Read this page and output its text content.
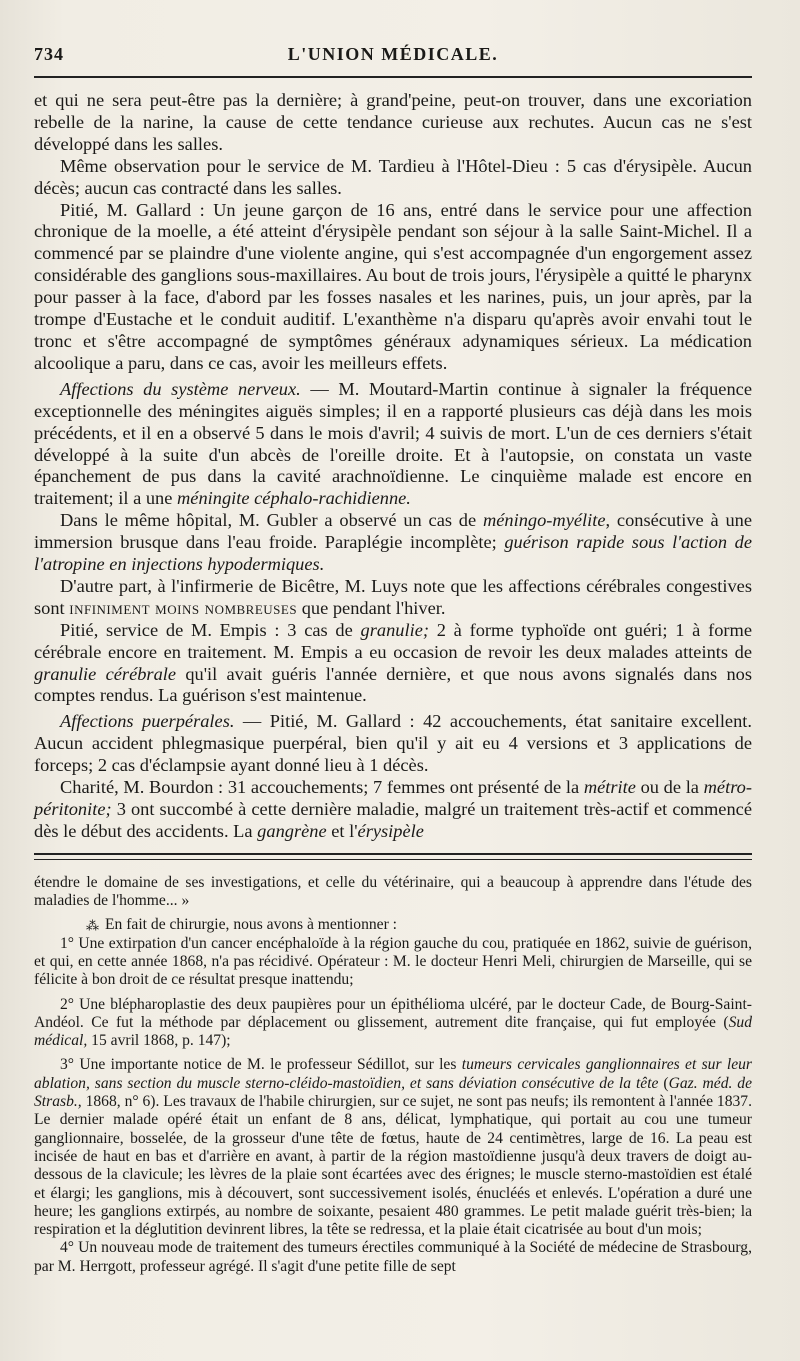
734	L'UNION MÉDICALE.

et qui ne sera peut-être pas la dernière; à grand'peine, peut-on trouver, dans une excoriation rebelle de la narine, la cause de cette tendance curieuse aux rechutes. Aucun cas ne s'est développé dans les salles.

Même observation pour le service de M. Tardieu à l'Hôtel-Dieu : 5 cas d'érysipèle. Aucun décès; aucun cas contracté dans les salles.

Pitié, M. Gallard : Un jeune garçon de 16 ans, entré dans le service pour une affection chronique de la moelle, a été atteint d'érysipèle pendant son séjour à la salle Saint-Michel. Il a commencé par se plaindre d'une violente angine, qui s'est accompagnée d'un engorgement assez considérable des ganglions sous-maxillaires. Au bout de trois jours, l'érysipèle a quitté le pharynx pour passer à la face, d'abord par les fosses nasales et les narines, puis, un jour après, par la trompe d'Eustache et le conduit auditif. L'exanthème n'a disparu qu'après avoir envahi tout le tronc et s'être accompagné de symptômes généraux adynamiques sérieux. La médication alcoolique a paru, dans ce cas, avoir les meilleurs effets.

Affections du système nerveux. — M. Moutard-Martin continue à signaler la fréquence exceptionnelle des méningites aiguës simples; il en a rapporté plusieurs cas déjà dans les mois précédents, et il en a observé 5 dans le mois d'avril; 4 suivis de mort. L'un de ces derniers s'était développé à la suite d'un abcès de l'oreille droite. Et à l'autopsie, on constata un vaste épanchement de pus dans la cavité arachnoïdienne. Le cinquième malade est encore en traitement; il a une méningite céphalo-rachidienne.

Dans le même hôpital, M. Gubler a observé un cas de méningo-myélite, consécutive à une immersion brusque dans l'eau froide. Paraplégie incomplète; guérison rapide sous l'action de l'atropine en injections hypodermiques.

D'autre part, à l'infirmerie de Bicêtre, M. Luys note que les affections cérébrales congestives sont infiniment moins nombreuses que pendant l'hiver.

Pitié, service de M. Empis : 3 cas de granulie; 2 à forme typhoïde ont guéri; 1 à forme cérébrale encore en traitement. M. Empis a eu occasion de revoir les deux malades atteints de granulie cérébrale qu'il avait guéris l'année dernière, et que nous avons signalés dans nos comptes rendus. La guérison s'est maintenue.

Affections puerpérales. — Pitié, M. Gallard : 42 accouchements, état sanitaire excellent. Aucun accident phlegmasique puerpéral, bien qu'il y ait eu 4 versions et 3 applications de forceps; 2 cas d'éclampsie ayant donné lieu à 1 décès.

Charité, M. Bourdon : 31 accouchements; 7 femmes ont présenté de la métrite ou de la métro-péritonite; 3 ont succombé à cette dernière maladie, malgré un traitement très-actif et commencé dès le début des accidents. La gangrène et l'érysipèle

étendre le domaine de ses investigations, et celle du vétérinaire, qui a beaucoup à apprendre dans l'étude des maladies de l'homme... »

⁂ En fait de chirurgie, nous avons à mentionner :

1° Une extirpation d'un cancer encéphaloïde à la région gauche du cou, pratiquée en 1862, suivie de guérison, et qui, en cette année 1868, n'a pas récidivé. Opérateur : M. le docteur Henri Meli, chirurgien de Marseille, qui se félicite à bon droit de ce résultat presque inattendu;

2° Une blépharoplastie des deux paupières pour un épithélioma ulcéré, par le docteur Cade, de Bourg-Saint-Andéol. Ce fut la méthode par déplacement ou glissement, autrement dite française, qui fut employée (Sud médical, 15 avril 1868, p. 147);

3° Une importante notice de M. le professeur Sédillot, sur les tumeurs cervicales ganglionnaires et sur leur ablation, sans section du muscle sterno-cléido-mastoïdien, et sans déviation consécutive de la tête (Gaz. méd. de Strasb., 1868, n° 6). Les travaux de l'habile chirurgien, sur ce sujet, ne sont pas neufs; ils remontent à l'année 1837. Le dernier malade opéré était un enfant de 8 ans, délicat, lymphatique, qui portait au cou une tumeur ganglionnaire, bosselée, de la grosseur d'une tête de fœtus, haute de 24 centimètres, large de 16. La peau est incisée de haut en bas et d'arrière en avant, à partir de la région mastoïdienne jusqu'à deux travers de doigt au-dessous de la clavicule; les lèvres de la plaie sont écartées avec des érignes; le muscle sterno-mastoïdien est étalé et élargi; les ganglions, mis à découvert, sont successivement isolés, énucléés et enlevés. L'opération a duré une heure; les ganglions extirpés, au nombre de soixante, pesaient 480 grammes. Le petit malade guérit très-bien; la respiration et la déglutition devinrent libres, la tête se redressa, et la plaie était cicatrisée au bout d'un mois;

4° Un nouveau mode de traitement des tumeurs érectiles communiqué à la Société de médecine de Strasbourg, par M. Herrgott, professeur agrégé. Il s'agit d'une petite fille de sept
